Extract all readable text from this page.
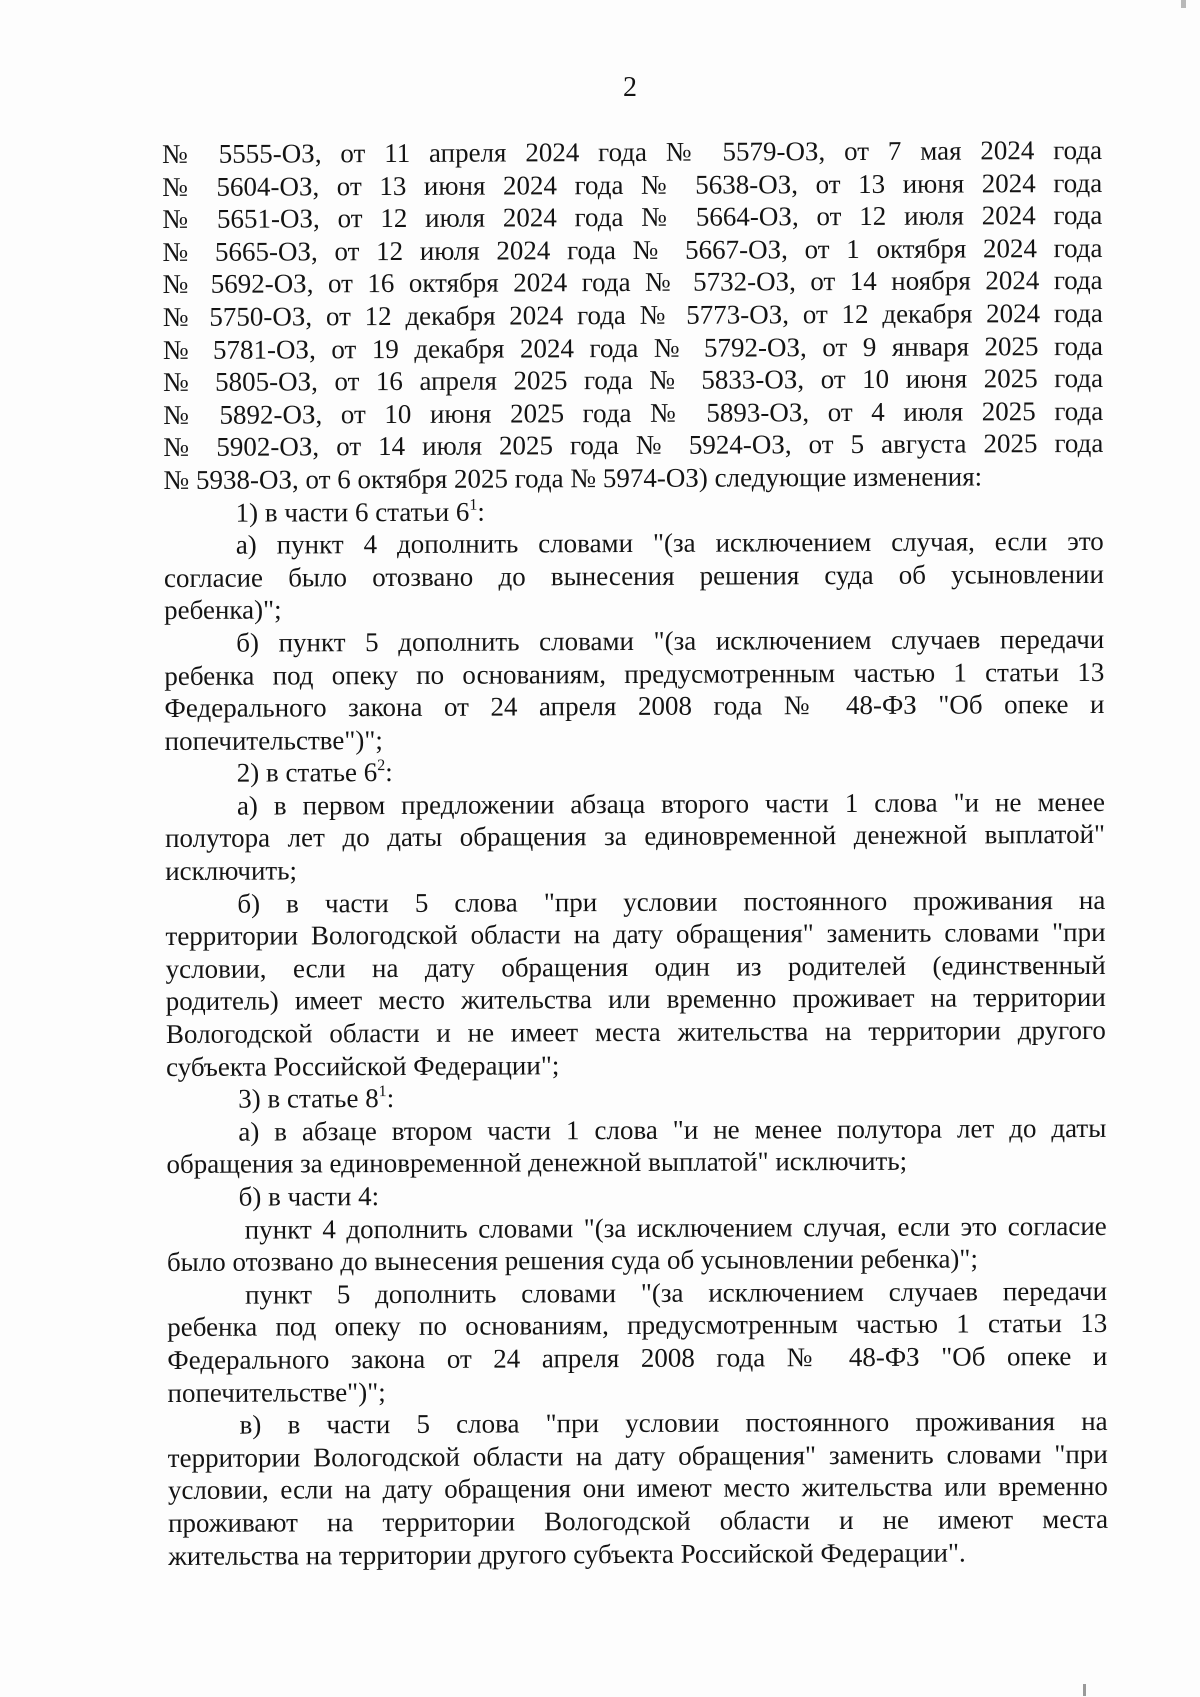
2
№ 5555-ОЗ, от 11 апреля 2024 года № 5579-ОЗ, от 7 мая 2024 года
№ 5604-ОЗ, от 13 июня 2024 года № 5638-ОЗ, от 13 июня 2024 года
№ 5651-ОЗ, от 12 июля 2024 года № 5664-ОЗ, от 12 июля 2024 года
№ 5665-ОЗ, от 12 июля 2024 года № 5667-ОЗ, от 1 октября 2024 года
№ 5692-ОЗ, от 16 октября 2024 года № 5732-ОЗ, от 14 ноября 2024 года
№ 5750-ОЗ, от 12 декабря 2024 года № 5773-ОЗ, от 12 декабря 2024 года
№ 5781-ОЗ, от 19 декабря 2024 года № 5792-ОЗ, от 9 января 2025 года
№ 5805-ОЗ, от 16 апреля 2025 года № 5833-ОЗ, от 10 июня 2025 года
№ 5892-ОЗ, от 10 июня 2025 года № 5893-ОЗ, от 4 июля 2025 года
№ 5902-ОЗ, от 14 июля 2025 года № 5924-ОЗ, от 5 августа 2025 года
№ 5938-ОЗ, от 6 октября 2025 года № 5974-ОЗ) следующие изменения:
1) в части 6 статьи $6^1$:
а) пункт 4 дополнить словами "(за исключением случая, если это
согласие было отозвано до вынесения решения суда об усыновлении
ребенка)";
б) пункт 5 дополнить словами "(за исключением случаев передачи
ребенка под опеку по основаниям, предусмотренным частью 1 статьи 13
Федерального закона от 24 апреля 2008 года № 48-ФЗ "Об опеке и
попечительстве")";
2) в статье $6^2$:
а) в первом предложении абзаца второго части 1 слова "и не менее
полутора лет до даты обращения за единовременной денежной выплатой"
исключить;
б) в части 5 слова "при условии постоянного проживания на
территории Вологодской области на дату обращения" заменить словами "при
условии, если на дату обращения один из родителей (единственный
родитель) имеет место жительства или временно проживает на территории
Вологодской области и не имеет места жительства на территории другого
субъекта Российской Федерации";
3) в статье $8^1$:
а) в абзаце втором части 1 слова "и не менее полутора лет до даты
обращения за единовременной денежной выплатой" исключить;
б) в части 4:
пункт 4 дополнить словами "(за исключением случая, если это согласие
было отозвано до вынесения решения суда об усыновлении ребенка)";
пункт 5 дополнить словами "(за исключением случаев передачи
ребенка под опеку по основаниям, предусмотренным частью 1 статьи 13
Федерального закона от 24 апреля 2008 года № 48-ФЗ "Об опеке и
попечительстве")";
в) в части 5 слова "при условии постоянного проживания на
территории Вологодской области на дату обращения" заменить словами "при
условии, если на дату обращения они имеют место жительства или временно
проживают на территории Вологодской области и не имеют места
жительства на территории другого субъекта Российской Федерации".
